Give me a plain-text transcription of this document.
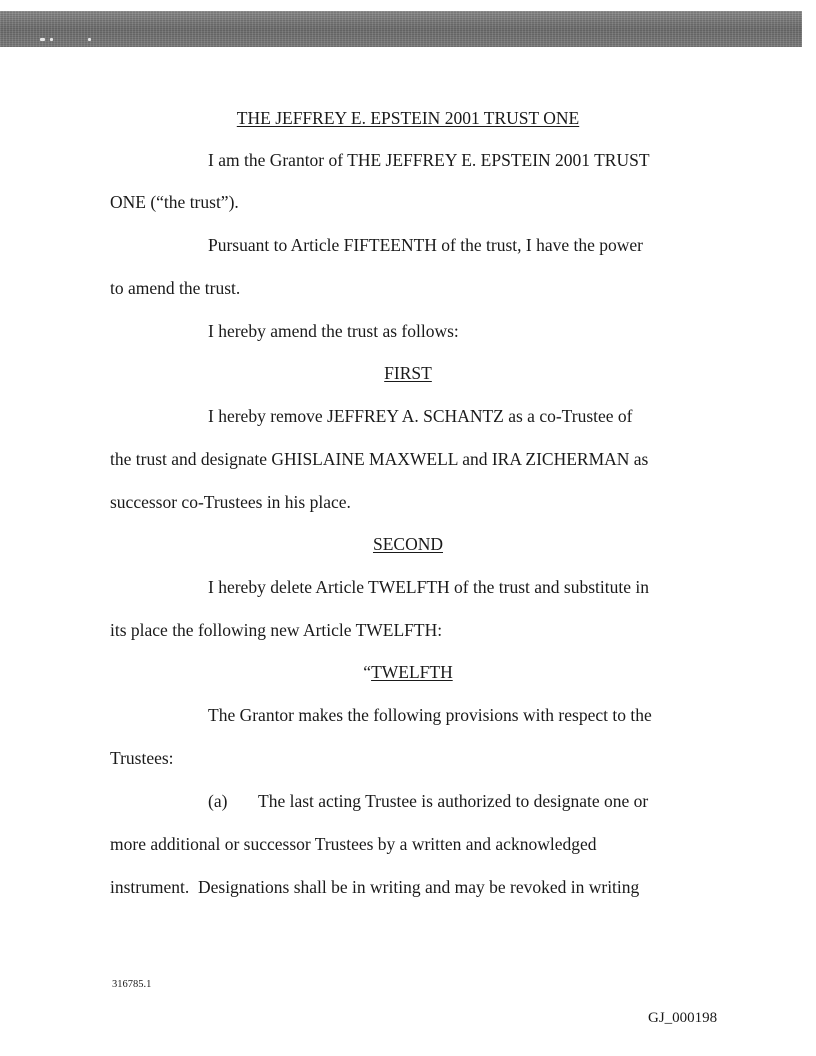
THE JEFFREY E. EPSTEIN 2001 TRUST ONE
I am the Grantor of THE JEFFREY E. EPSTEIN 2001 TRUST
ONE (“the trust”).
Pursuant to Article FIFTEENTH of the trust, I have the power
to amend the trust.
I hereby amend the trust as follows:
FIRST
I hereby remove JEFFREY A. SCHANTZ as a co-Trustee of
the trust and designate GHISLAINE MAXWELL and IRA ZICHERMAN as
successor co-Trustees in his place.
SECOND
I hereby delete Article TWELFTH of the trust and substitute in
its place the following new Article TWELFTH:
“TWELFTH
The Grantor makes the following provisions with respect to the
Trustees:
(a) The last acting Trustee is authorized to designate one or
more additional or successor Trustees by a written and acknowledged
instrument.  Designations shall be in writing and may be revoked in writing
316785.1
GJ_000198
